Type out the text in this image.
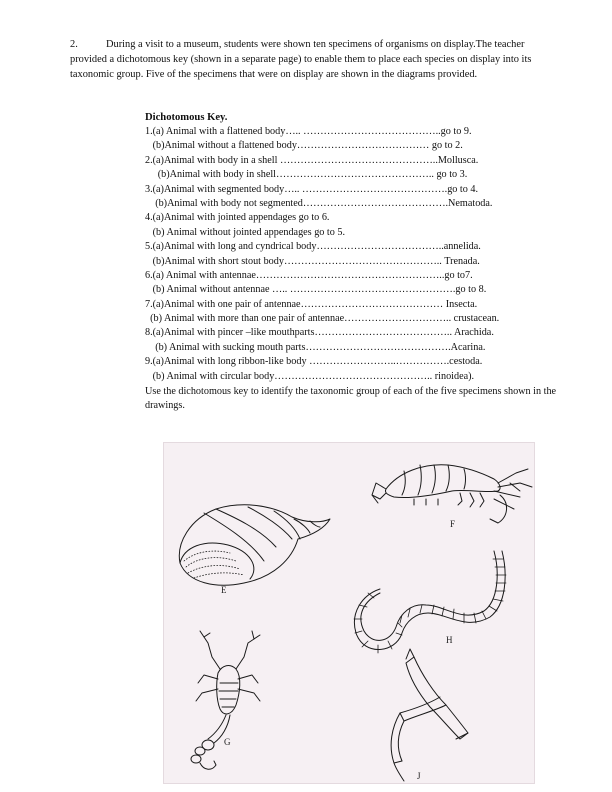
2.	During a visit to a museum, students were shown ten specimens of organisms on display.The teacher provided a dichotomous key (shown in a separate page) to enable them to place each species on display into its taxonomic group. Five of the specimens that were on display are shown in the diagrams provided.

Dichotomous Key.
1.(a) Animal with a flattened body….. …………………………………..go to 9.
(b)Animal without a flattened body………………………………… go to 2.
2.(a)Animal with body in a shell ………………………………………..Mollusca.
(b)Animal with body in shell……………………………………….. go to 3.
3.(a)Animal with segmented body….. …………………………………….go to 4.
(b)Animal with body not segmented…………………………………….Nematoda.
4.(a)Animal with jointed appendages go to 6.
(b) Animal without jointed appendages go to 5.
5.(a)Animal with long and cyndrical body………………………………..annelida.
(b)Animal with short stout body……………………………………….. Trenada.
6.(a) Animal with antennae………………………………………………..go to7.
(b) Animal without antennae ….. ………………………………………….go to 8.
7.(a)Animal with one pair of antennae…………………………………… Insecta.
(b) Animal with more than one pair of antennae………………………….. crustacean.
8.(a)Animal with pincer –like mouthparts………………………………….. Arachida.
(b) Animal with sucking mouth parts…………………………………….Acarina.
9.(a)Animal with long ribbon-like body ……………………..…………….cestoda.
(b) Animal with circular body……………………………………….. rinoidea).
Use the dichotomous key to identify the taxonomic group of each of the five specimens shown in the drawings.
E
F
G
H
J
